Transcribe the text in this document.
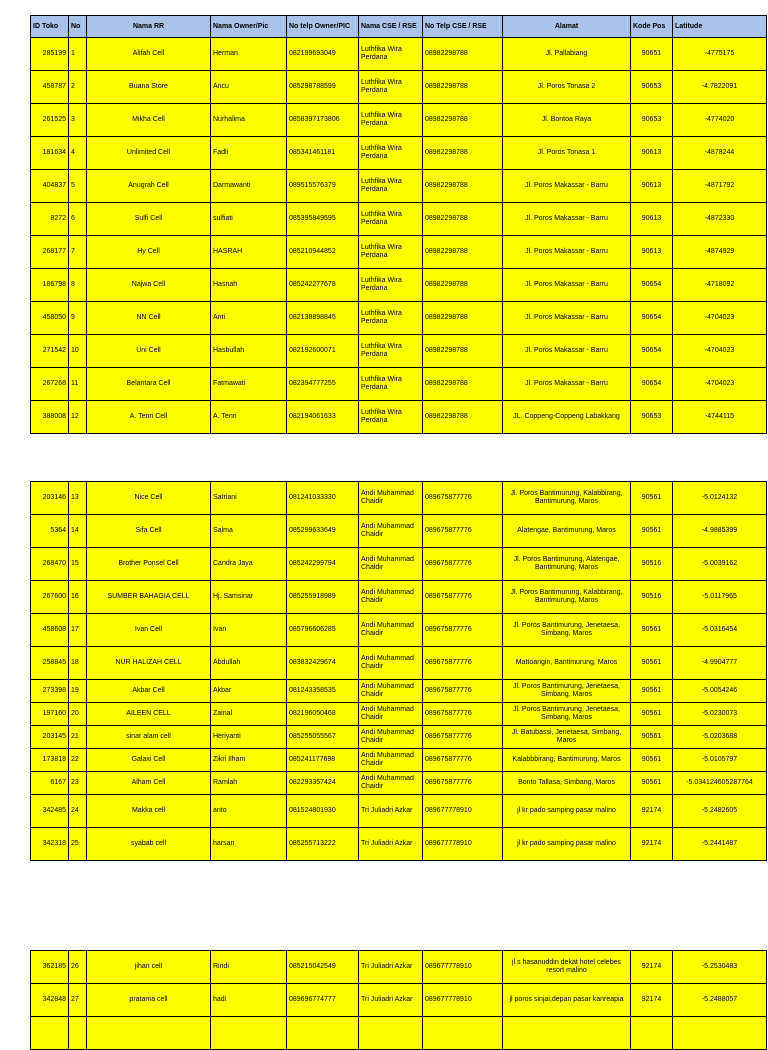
ID Toko	No	Nama RR	Nama Owner/Pic	No telp Owner/PIC	Nama CSE / RSE	No Telp CSE / RSE	Alamat	Kode Pos	Latitude
285199	1	Alifah Cell	Herman	082199693049	Luthfika Wira Perdana	08982298788	Jl. Pallabiang	90651	-4775175
458787	2	Buana Store	Ancu	085298788599	Luthfika Wira Perdana	08982298788	Jl. Poros Tonasa 2	90653	-4.7822091
261525	3	Mikha Cell	Nurhalima	0858397173806	Luthfika Wira Perdana	08982298788	Jl. Bontoa Raya	90653	-4774020
181634	4	Unlimited Cell	Fadli	085341461181	Luthfika Wira Perdana	08982298788	Jl. Poros Tonasa 1	90613	-4878244
404837	5	Anugrah Cell	Darmawanti	089515576379	Luthfika Wira Perdana	08982298788	Jl. Poros Makassar - Barru	90613	-4871792
8272	6	Sulfi Cell	sulfiati	085395849595	Luthfika Wira Perdana	08982298788	Jl. Poros Makassar - Barru	90613	-4872330
268177	7	Hy Cell	HASRAH	085210944852	Luthfika Wira Perdana	08982298788	Jl. Poros Makassar - Barru	90613	-4874929
186798	8	Najwa Cell	Hasnah	085242277678	Luthfika Wira Perdana	08982298788	Jl. Poros Makassar - Barru	90654	-4718092
458050	9	NN Cell	Anti	082138898845	Luthfika Wira Perdana	08982298788	Jl. Poros Makassar - Barru	90654	-4704023
271542	10	Uni Cell	Hasbullah	082192600071	Luthfika Wira Perdana	08982298788	Jl. Poros Makassar - Barru	90654	-4704023
267268	11	Belantara Cell	Fatmawati	082394777255	Luthfika Wira Perdana	08982298788	Jl. Poros Makassar - Barru	90654	-4704023
388008	12	A. Tenri Cell	A. Tenri	082194061633	Luthfika Wira Perdana	08982298788	JL. Coppeng-Coppeng Labakkang	90653	-4744115
203146	13	Nice Cell	Satriani	081241033330	Andi Muhammad Chaidir	089675877776	Jl. Poros Bantimurung, Kalabbirang, Bantimurung, Maros	90561	-5.0124132
5364	14	Sifa Cell	Salma	085299633649	Andi Muhammad Chaidir	089675877776	Alatengae, Bantimurung, Maros	90561	-4.9885399
268470	15	Brother Ponsel Cell	Candra Jaya	085242299794	Andi Muhammad Chaidir	089675877776	Jl. Poros Bantimurung, Alatengae, Bantimurung, Maros	90516	-5.0039162
267600	16	SUMBER BAHAGIA CELL	Hj. Samsinar	085255918989	Andi Muhammad Chaidir	089675877776	Jl. Poros Bantimurung, Kalabbirang, Bantimurung, Maros	90516	-5.0117965
458608	17	Ivan Cell	Ivan	085796606285	Andi Muhammad Chaidir	089675877776	Jl. Poros Bantimurung, Jenetaesa, Simbang, Maros	90561	-5.0316454
258845	18	NUR HALIZAH CELL	Abdullah	083832429674	Andi Muhammad Chaidir	089675877776	Mattoangin, Bantimurung, Maros	90561	-4.9904777
273398	19	Akbar Cell	Akbar	081243358535	Andi Muhammad Chaidir	089675877776	Jl. Poros Bantimurung, Jenetaesa, Simbang, Maros	90561	-5.0054246
197160	20	AILEEN CELL	Zainal	082196050468	Andi Muhammad Chaidir	089675877776	Jl. Poros Bantimurung, Jenetaesa, Simbang, Maros	90561	-5.0230073
203145	21	sinar alam cell	Heriyanti	085255055567	Andi Muhammad Chaidir	089675877776	Jl. Batubassi, Jenetaesa, Simbang, Maros	90561	-5.0203688
173818	22	Galaxi Cell	Zikri Ilham	085241177698	Andi Muhammad Chaidir	089675877776	Kalabbbirang, Bantimurung, Maros	90561	-5.0105797
6167	23	Alham Cell	Ramlah	082293357424	Andi Muhammad Chaidir	089675877776	Bonto Tallasa, Simbang, Maros	90561	-5.034124605287764
342485	24	Makka cell	anto	081524801930	Tri Juliadri Azkar	089677778910	jl kr pado samping pasar malino	92174	-5.2482605
342318	25	syabab cell	harsan	085255713222	Tri Juliadri Azkar	089677778910	jl kr pado samping pasar malino	92174	-5.2441487
362185	26	jihan cell	Rindi	085215042549	Tri Juliadri Azkar	089677778910	jl s hasanuddin dekat hotel celebes resort malino	92174	-5.2530483
342848	27	pratama cell	hadi	089696774777	Tri Juliadri Azkar	089677778910	jl poros sinjai,depan pasar kanreapia	92174	-5.2488057
